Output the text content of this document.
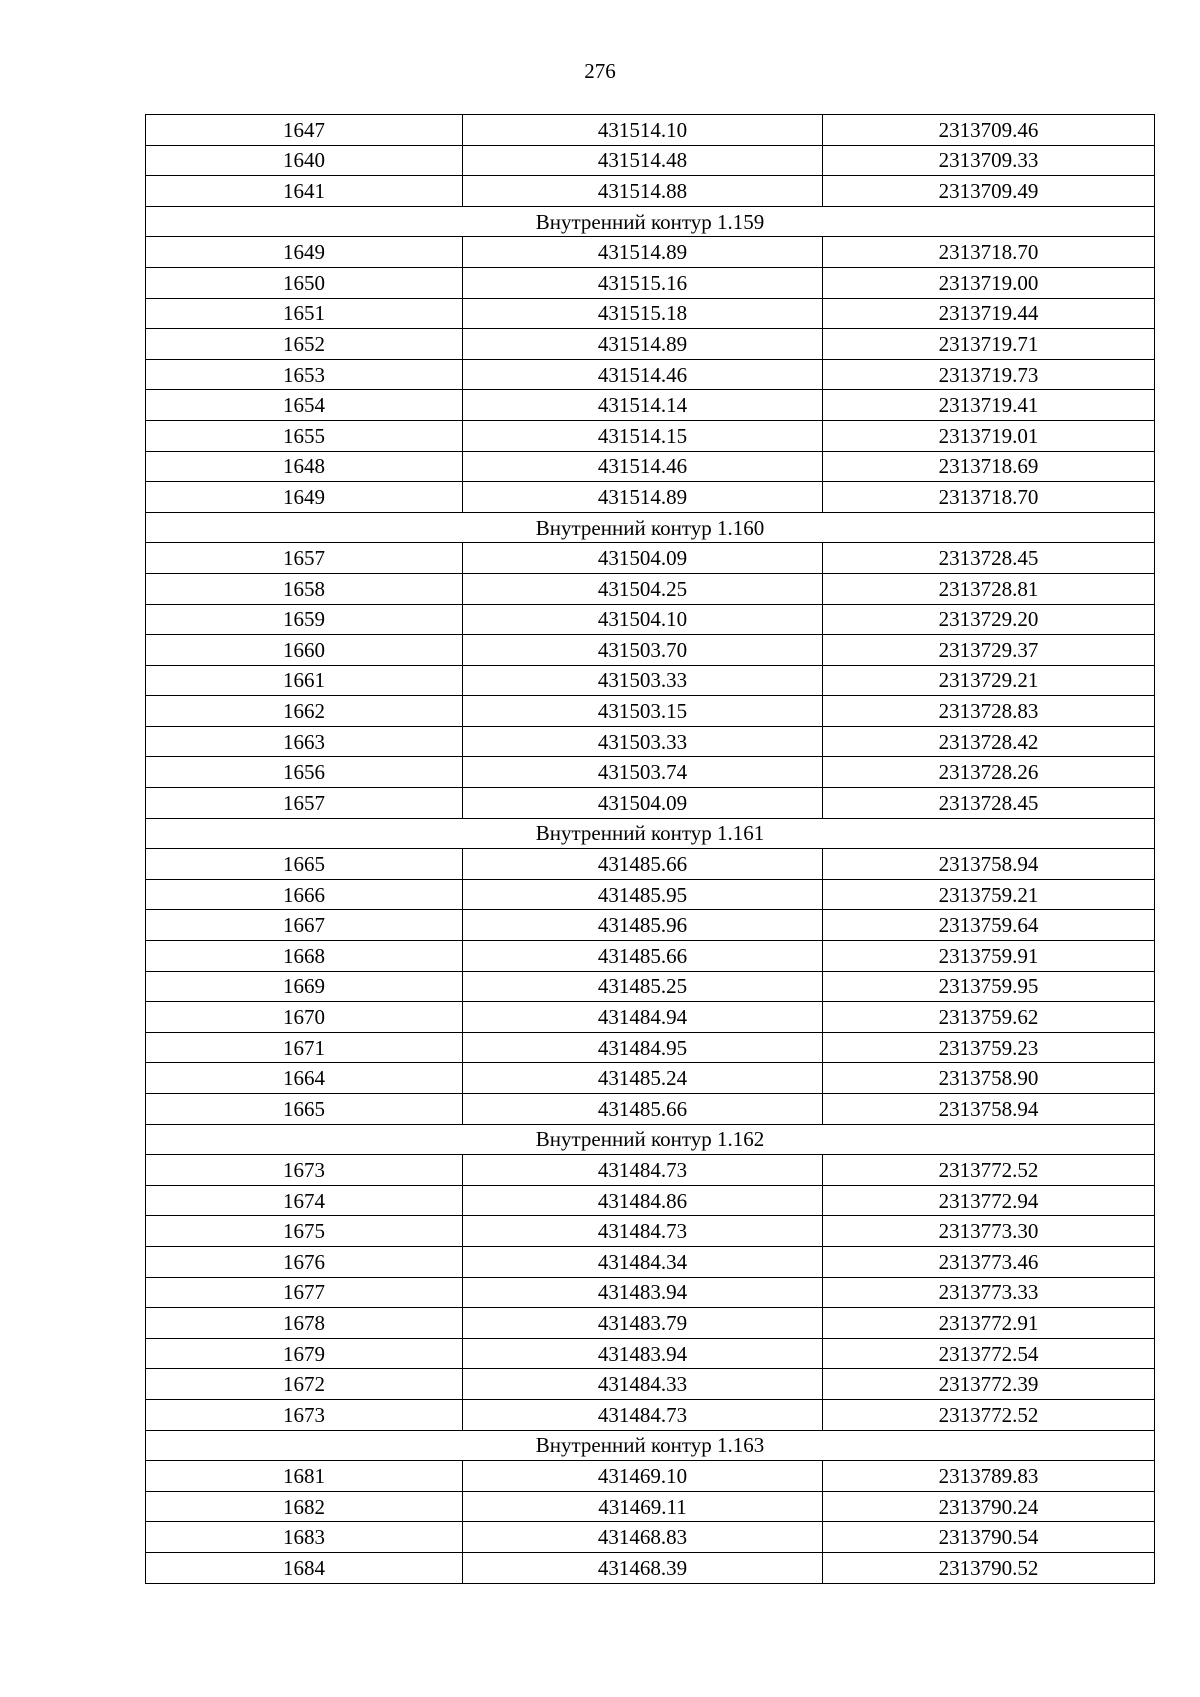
276
1647	431514.10	2313709.46
1640	431514.48	2313709.33
1641	431514.88	2313709.49
Внутренний контур 1.159		
1649	431514.89	2313718.70
1650	431515.16	2313719.00
1651	431515.18	2313719.44
1652	431514.89	2313719.71
1653	431514.46	2313719.73
1654	431514.14	2313719.41
1655	431514.15	2313719.01
1648	431514.46	2313718.69
1649	431514.89	2313718.70
Внутренний контур 1.160		
1657	431504.09	2313728.45
1658	431504.25	2313728.81
1659	431504.10	2313729.20
1660	431503.70	2313729.37
1661	431503.33	2313729.21
1662	431503.15	2313728.83
1663	431503.33	2313728.42
1656	431503.74	2313728.26
1657	431504.09	2313728.45
Внутренний контур 1.161		
1665	431485.66	2313758.94
1666	431485.95	2313759.21
1667	431485.96	2313759.64
1668	431485.66	2313759.91
1669	431485.25	2313759.95
1670	431484.94	2313759.62
1671	431484.95	2313759.23
1664	431485.24	2313758.90
1665	431485.66	2313758.94
Внутренний контур 1.162		
1673	431484.73	2313772.52
1674	431484.86	2313772.94
1675	431484.73	2313773.30
1676	431484.34	2313773.46
1677	431483.94	2313773.33
1678	431483.79	2313772.91
1679	431483.94	2313772.54
1672	431484.33	2313772.39
1673	431484.73	2313772.52
Внутренний контур 1.163		
1681	431469.10	2313789.83
1682	431469.11	2313790.24
1683	431468.83	2313790.54
1684	431468.39	2313790.52
